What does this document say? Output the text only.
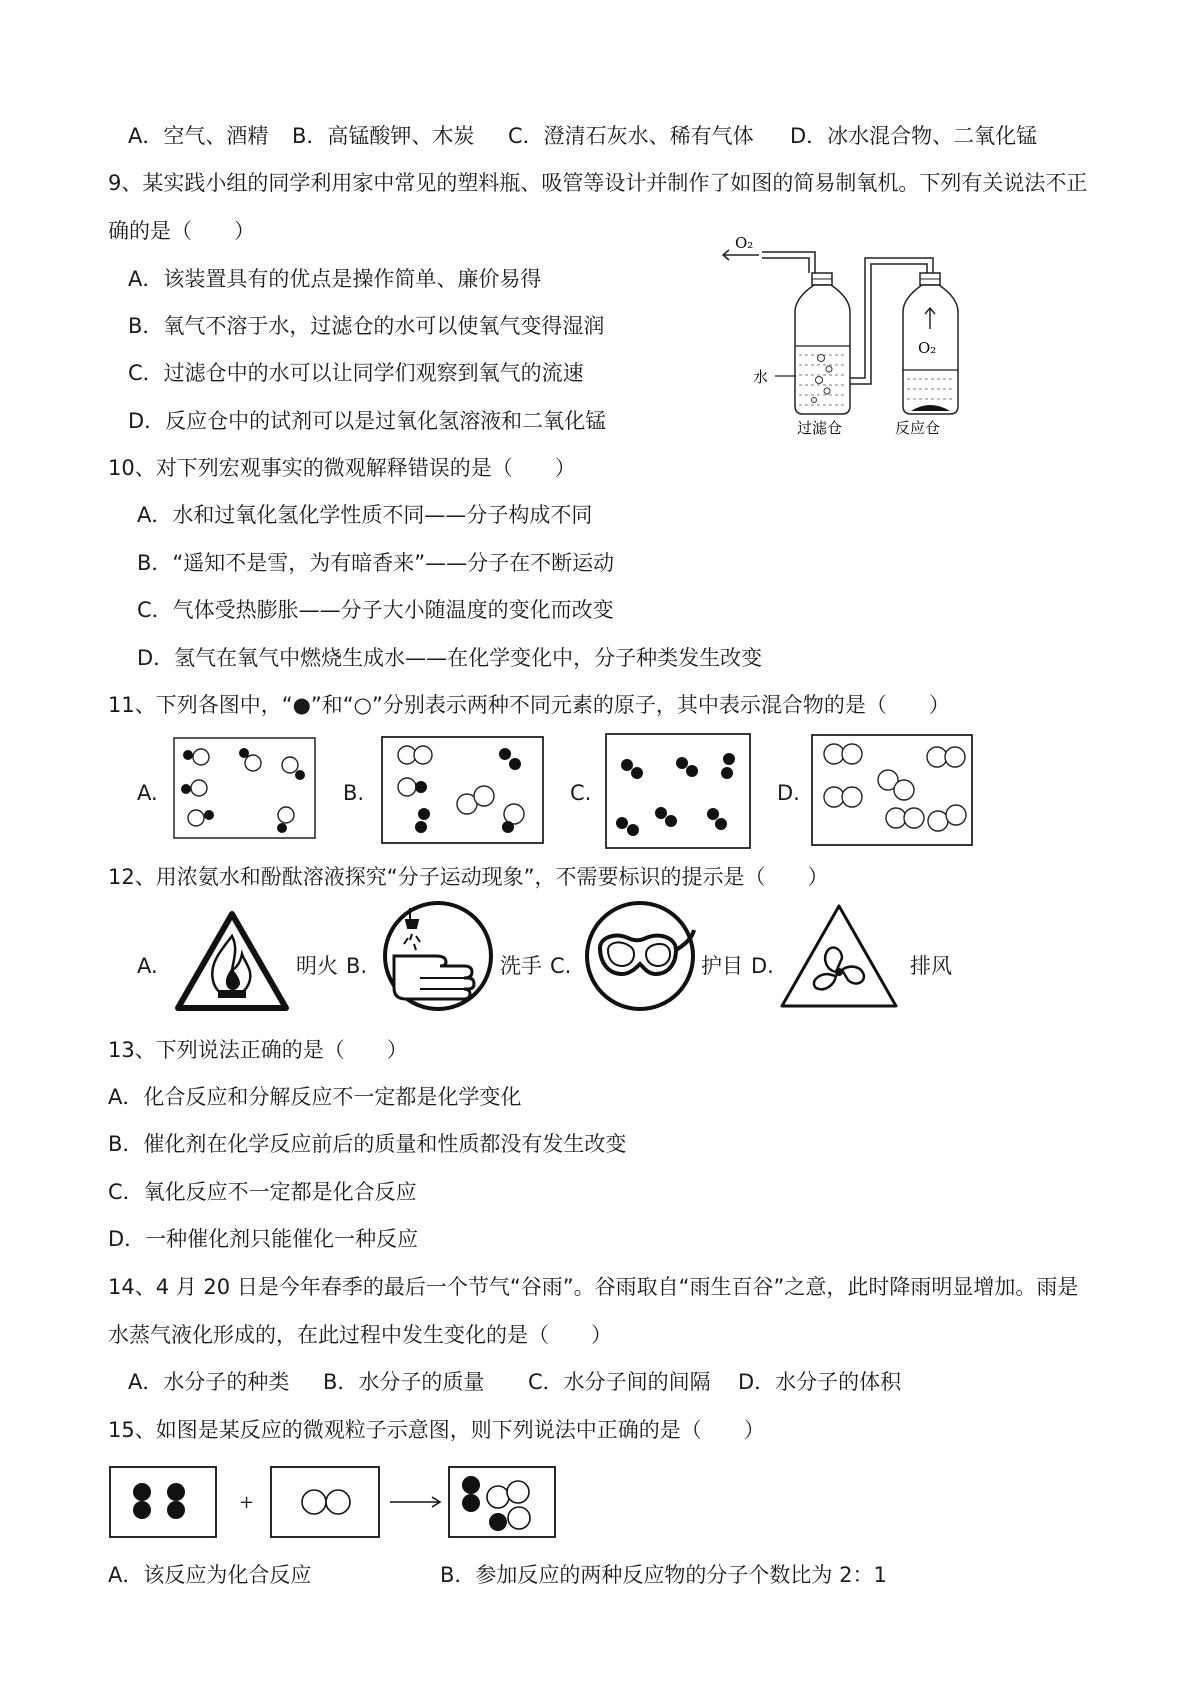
A．空气、酒精 B．高锰酸钾、木炭 C．澄清石灰水、稀有气体 D．冰水混合物、二氧化锰
9、某实践小组的同学利用家中常见的塑料瓶、吸管等设计并制作了如图的简易制氧机。下列有关说法不正
确的是（　　）
A．该装置具有的优点是操作简单、廉价易得
B．氧气不溶于水，过滤仓的水可以使氧气变得湿润
C．过滤仓中的水可以让同学们观察到氧气的流速
D．反应仓中的试剂可以是过氧化氢溶液和二氧化锰
O₂
水
O₂
过滤仓	反应仓
10、对下列宏观事实的微观解释错误的是（　　）
A．水和过氧化氢化学性质不同——分子构成不同
B．“遥知不是雪，为有暗香来”——分子在不断运动
C．气体受热膨胀——分子大小随温度的变化而改变
D．氢气在氧气中燃烧生成水——在化学变化中，分子种类发生改变
11、下列各图中，“●”和“○”分别表示两种不同元素的原子，其中表示混合物的是（　　）
A.	B.	C.	D.
12、用浓氨水和酚酞溶液探究“分子运动现象”，不需要标识的提示是（　　）
A.	明火 B.	洗手 C.	护目 D.	排风
13、下列说法正确的是（　　）
A．化合反应和分解反应不一定都是化学变化
B．催化剂在化学反应前后的质量和性质都没有发生改变
C．氧化反应不一定都是化合反应
D．一种催化剂只能催化一种反应
14、4 月 20 日是今年春季的最后一个节气“谷雨”。谷雨取自“雨生百谷”之意，此时降雨明显增加。雨是
水蒸气液化形成的，在此过程中发生变化的是（　　）
A．水分子的种类 B．水分子的质量 C．水分子间的间隔 D．水分子的体积
15、如图是某反应的微观粒子示意图，则下列说法中正确的是（　　）
+
A．该反应为化合反应	B．参加反应的两种反应物的分子个数比为 2：1
